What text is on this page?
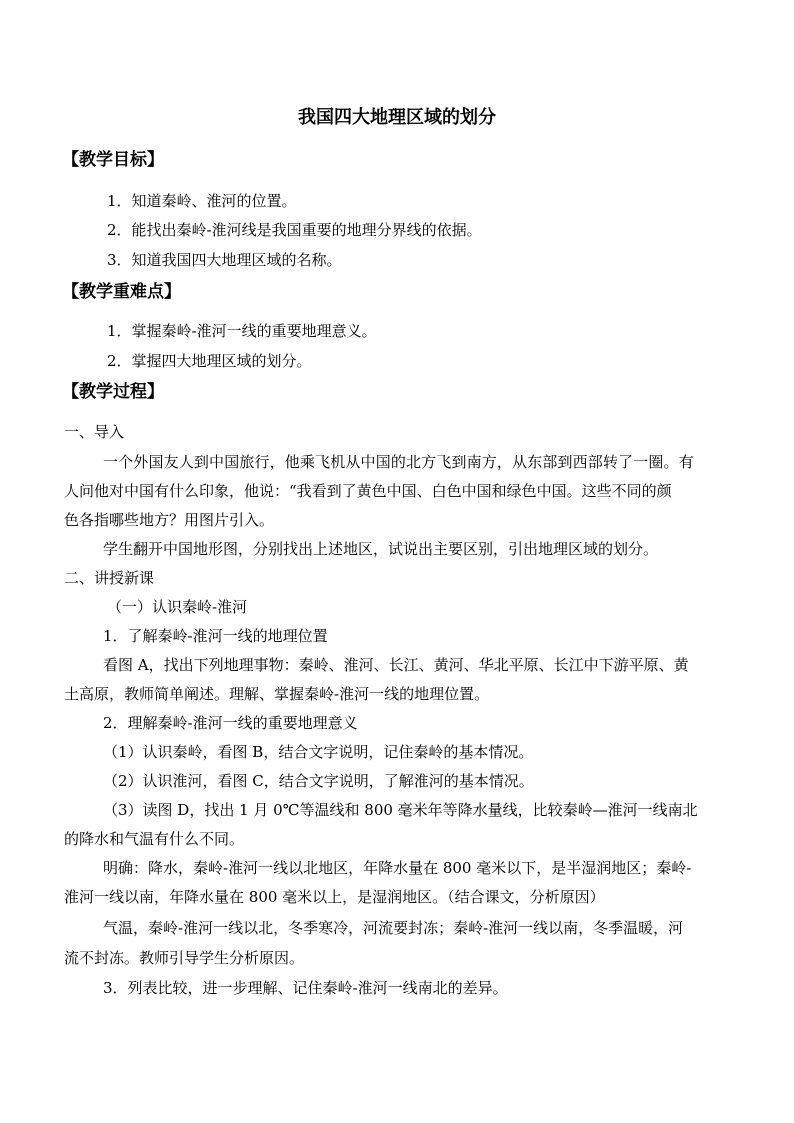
我国四大地理区域的划分
【教学目标】
1．知道秦岭、淮河的位置。
2．能找出秦岭-淮河线是我国重要的地理分界线的依据。
3．知道我国四大地理区域的名称。
【教学重难点】
1．掌握秦岭-淮河一线的重要地理意义。
2．掌握四大地理区域的划分。
【教学过程】
一、导入
一个外国友人到中国旅行，他乘飞机从中国的北方飞到南方，从东部到西部转了一圈。有
人问他对中国有什么印象，他说：“我看到了黄色中国、白色中国和绿色中国。这些不同的颜
色各指哪些地方？用图片引入。
学生翻开中国地形图，分别找出上述地区，试说出主要区别，引出地理区域的划分。
二、讲授新课
（一）认识秦岭-淮河
1．了解秦岭-淮河一线的地理位置
看图 A，找出下列地理事物：秦岭、淮河、长江、黄河、华北平原、长江中下游平原、黄
土高原，教师简单阐述。理解、掌握秦岭-淮河一线的地理位置。
2．理解秦岭-淮河一线的重要地理意义
（1）认识秦岭，看图 B，结合文字说明，记住秦岭的基本情况。
（2）认识淮河，看图 C，结合文字说明，了解淮河的基本情况。
（3）读图 D，找出 1 月 0℃等温线和 800 毫米年等降水量线，比较秦岭—淮河一线南北
的降水和气温有什么不同。
明确：降水，秦岭-淮河一线以北地区，年降水量在 800 毫米以下，是半湿润地区；秦岭-
淮河一线以南，年降水量在 800 毫米以上，是湿润地区。（结合课文，分析原因）
气温，秦岭-淮河一线以北，冬季寒冷，河流要封冻；秦岭-淮河一线以南，冬季温暖，河
流不封冻。教师引导学生分析原因。
3．列表比较，进一步理解、记住秦岭-淮河一线南北的差异。
